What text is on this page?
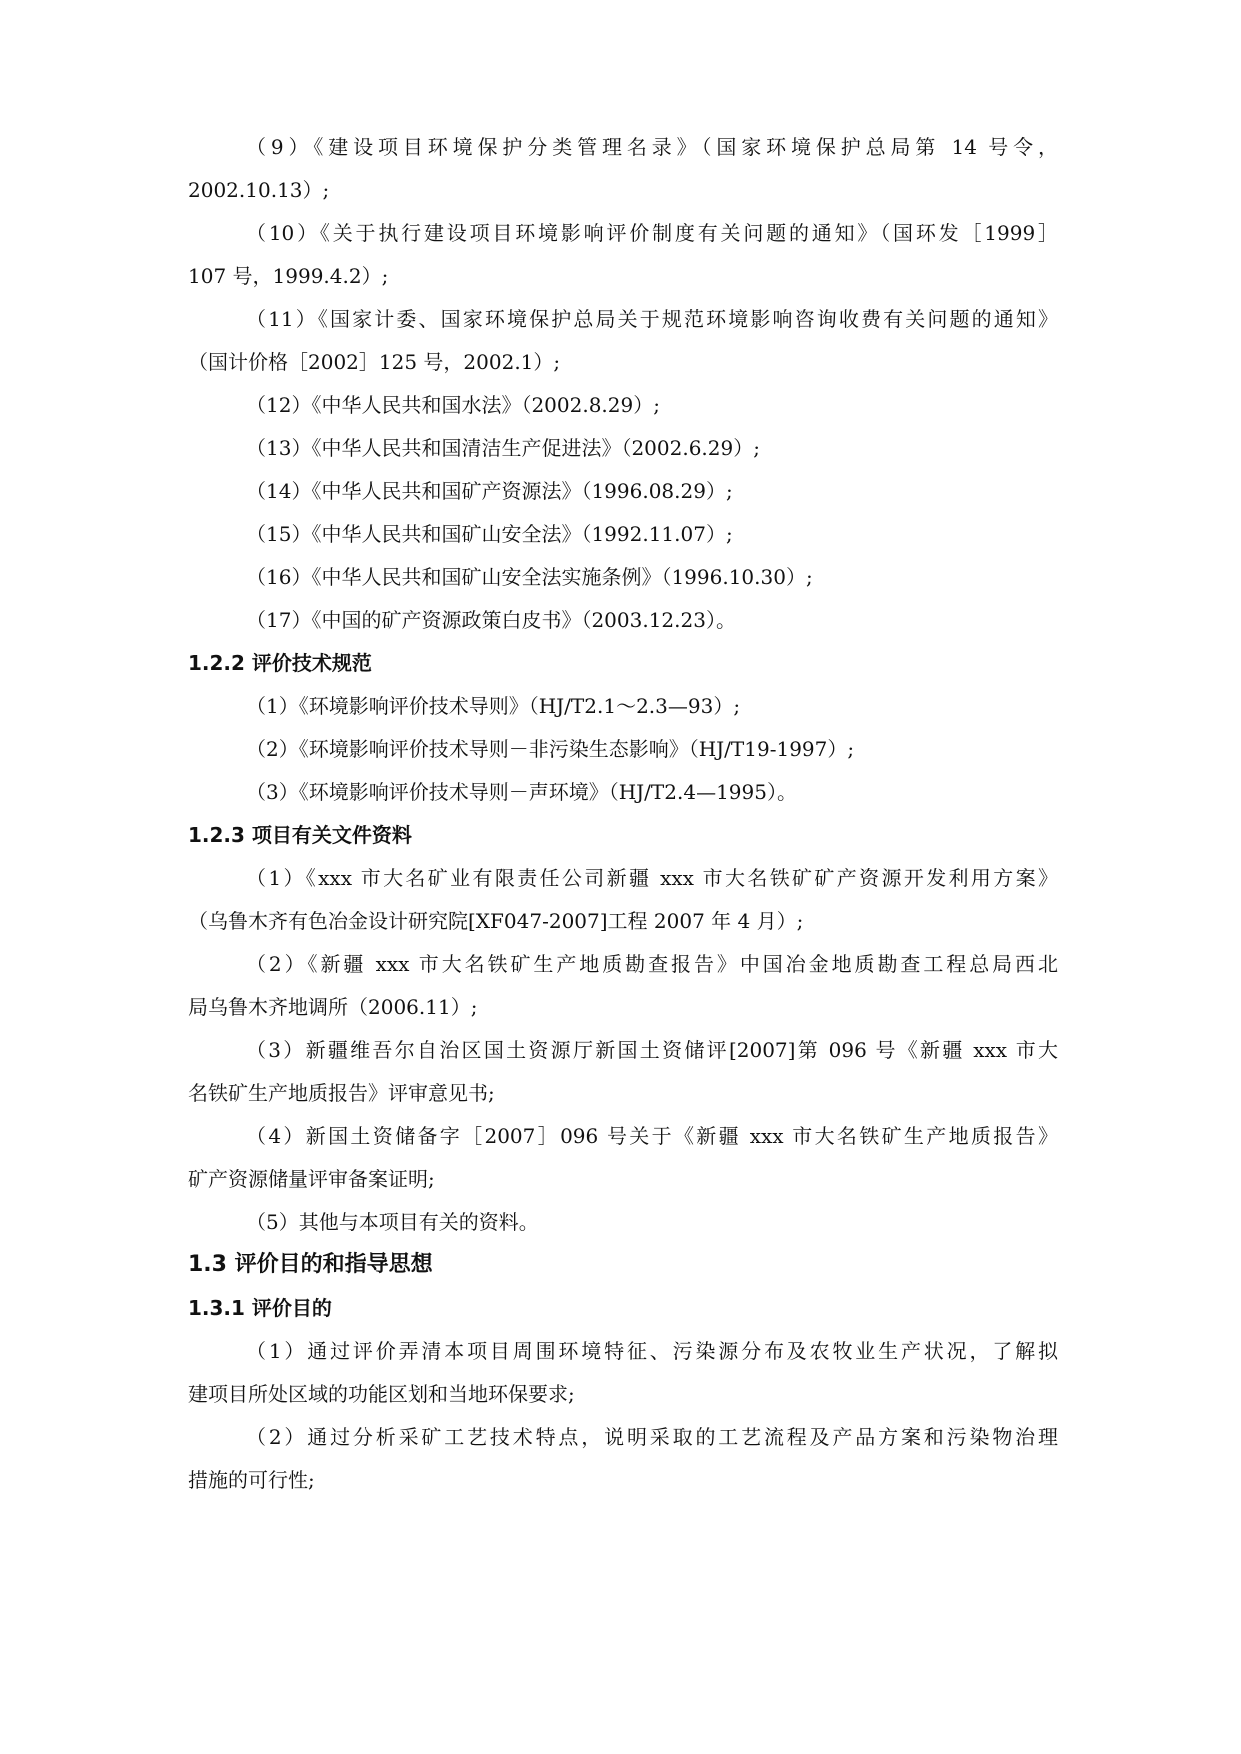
（9）《建设项目环境保护分类管理名录》（国家环境保护总局第 14 号令，
2002.10.13）;
（10）《关于执行建设项目环境影响评价制度有关问题的通知》（国环发［1999］
107 号，1999.4.2）;
（11）《国家计委、国家环境保护总局关于规范环境影响咨询收费有关问题的通知》
（国计价格［2002］125 号，2002.1）;
（12）《中华人民共和国水法》（2002.8.29）;
（13）《中华人民共和国清洁生产促进法》（2002.6.29）;
（14）《中华人民共和国矿产资源法》（1996.08.29）;
（15）《中华人民共和国矿山安全法》（1992.11.07）;
（16）《中华人民共和国矿山安全法实施条例》（1996.10.30）;
（17）《中国的矿产资源政策白皮书》（2003.12.23）。
1.2.2 评价技术规范
（1）《环境影响评价技术导则》（HJ/T2.1～2.3—93）;
（2）《环境影响评价技术导则－非污染生态影响》（HJ/T19-1997）;
（3）《环境影响评价技术导则－声环境》（HJ/T2.4—1995）。
1.2.3 项目有关文件资料
（1）《xxx 市大名矿业有限责任公司新疆 xxx 市大名铁矿矿产资源开发利用方案》
（乌鲁木齐有色冶金设计研究院[XF047-2007]工程 2007 年 4 月）;
（2）《新疆 xxx 市大名铁矿生产地质勘查报告》中国冶金地质勘查工程总局西北
局乌鲁木齐地调所（2006.11）;
（3）新疆维吾尔自治区国土资源厅新国土资储评[2007]第 096 号《新疆 xxx 市大
名铁矿生产地质报告》评审意见书;
（4）新国土资储备字［2007］096 号关于《新疆 xxx 市大名铁矿生产地质报告》
矿产资源储量评审备案证明;
（5）其他与本项目有关的资料。
1.3 评价目的和指导思想
1.3.1 评价目的
（1）通过评价弄清本项目周围环境特征、污染源分布及农牧业生产状况，了解拟
建项目所处区域的功能区划和当地环保要求;
（2）通过分析采矿工艺技术特点，说明采取的工艺流程及产品方案和污染物治理
措施的可行性;
